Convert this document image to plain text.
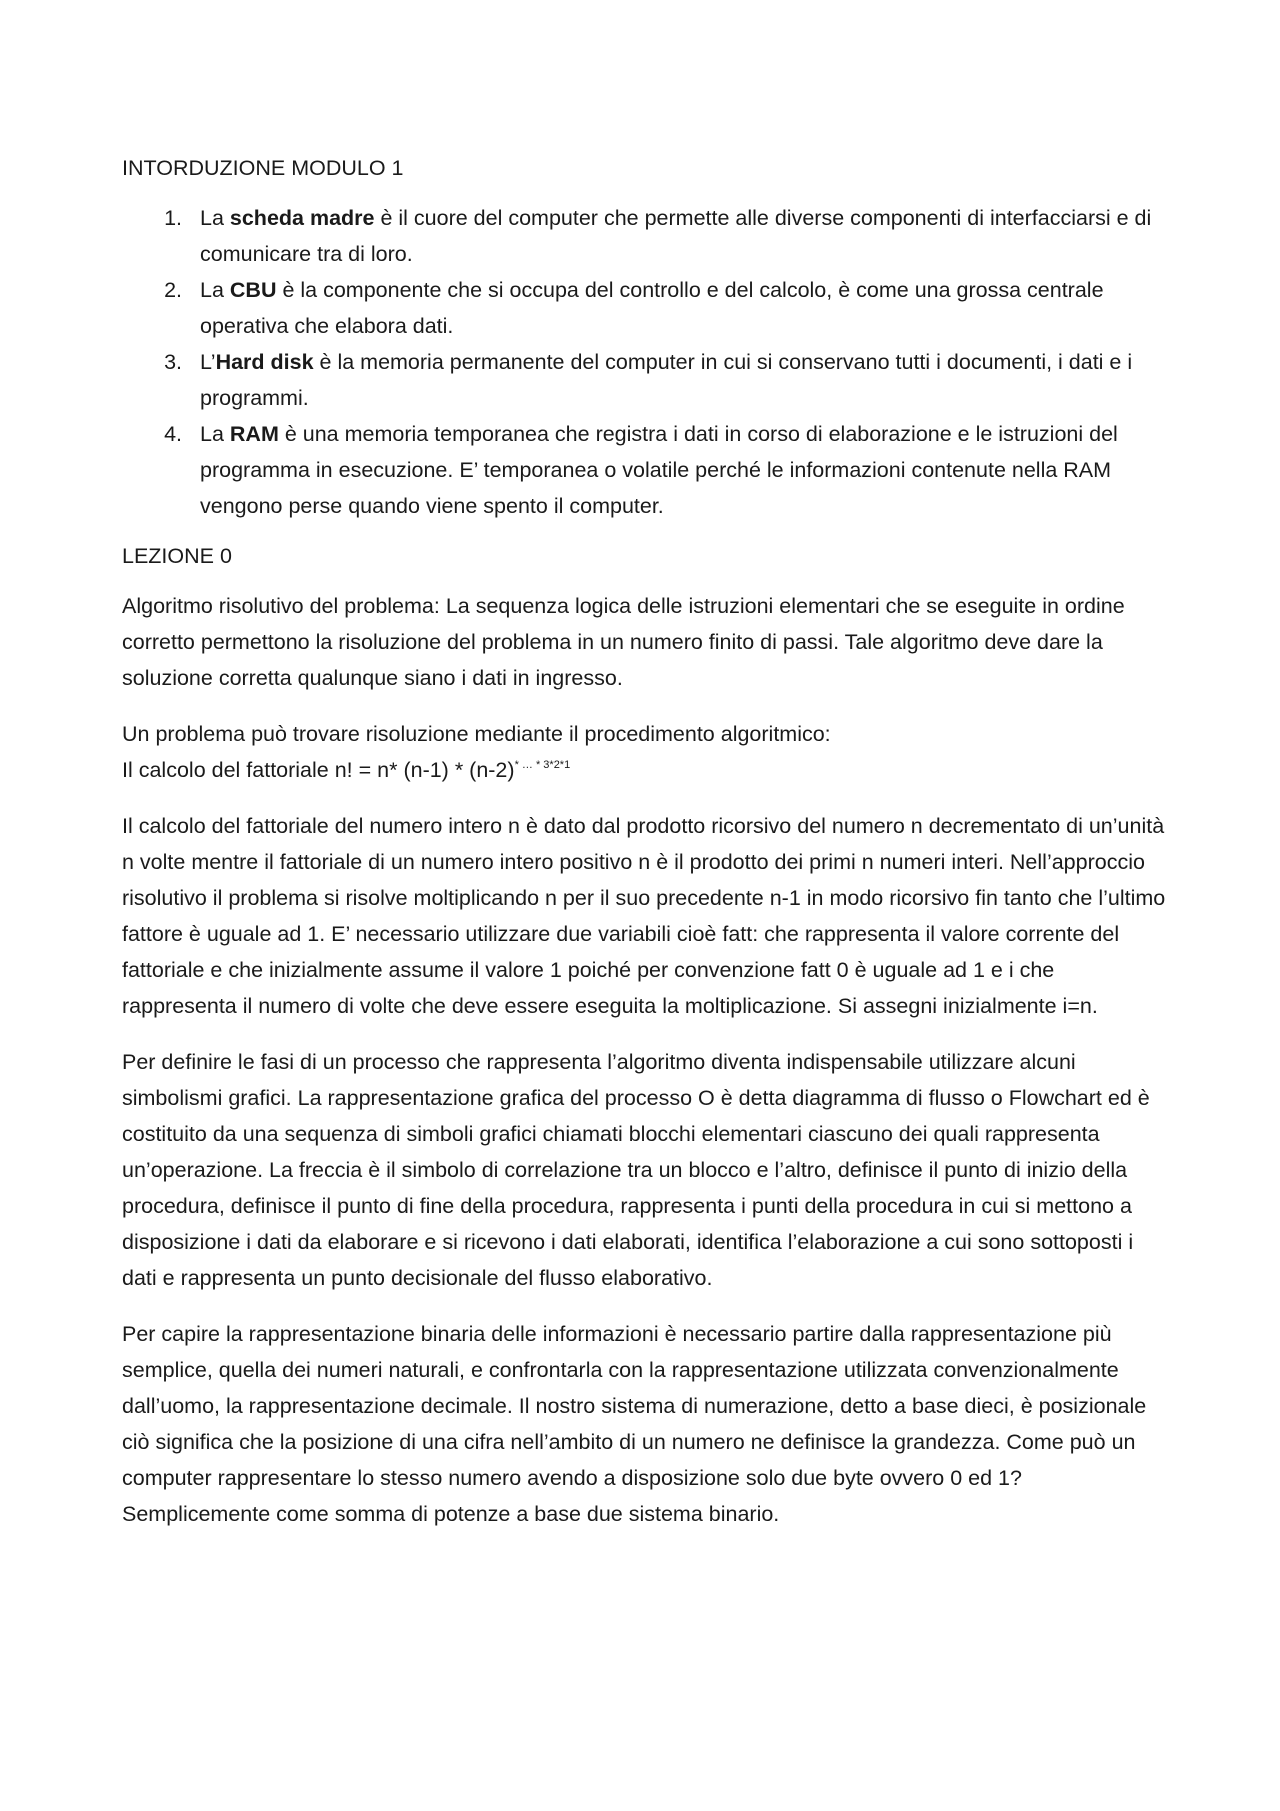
INTORDUZIONE MODULO 1

1. La scheda madre è il cuore del computer che permette alle diverse componenti di interfacciarsi e di comunicare tra di loro.
2. La CBU è la componente che si occupa del controllo e del calcolo, è come una grossa centrale operativa che elabora dati.
3. L’Hard disk è la memoria permanente del computer in cui si conservano tutti i documenti, i dati e i programmi.
4. La RAM è una memoria temporanea che registra i dati in corso di elaborazione e le istruzioni del programma in esecuzione. E’ temporanea o volatile perché le informazioni contenute nella RAM vengono perse quando viene spento il computer.

LEZIONE 0

Algoritmo risolutivo del problema: La sequenza logica delle istruzioni elementari che se eseguite in ordine corretto permettono la risoluzione del problema in un numero finito di passi. Tale algoritmo deve dare la soluzione corretta qualunque siano i dati in ingresso.

Un problema può trovare risoluzione mediante il procedimento algoritmico:
Il calcolo del fattoriale n! = n* $(n-1) * (n-2)^{* \dots * 3*2*1}$

Il calcolo del fattoriale del numero intero n è dato dal prodotto ricorsivo del numero n decrementato di un’unità n volte mentre il fattoriale di un numero intero positivo n è il prodotto dei primi n numeri interi. Nell’approccio risolutivo il problema si risolve moltiplicando n per il suo precedente n-1 in modo ricorsivo fin tanto che l’ultimo fattore è uguale ad 1. E’ necessario utilizzare due variabili cioè fatt: che rappresenta il valore corrente del fattoriale e che inizialmente assume il valore 1 poiché per convenzione fatt 0 è uguale ad 1 e i che rappresenta il numero di volte che deve essere eseguita la moltiplicazione. Si assegni inizialmente i=n.

Per definire le fasi di un processo che rappresenta l’algoritmo diventa indispensabile utilizzare alcuni simbolismi grafici. La rappresentazione grafica del processo O è detta diagramma di flusso o Flowchart ed è costituito da una sequenza di simboli grafici chiamati blocchi elementari ciascuno dei quali rappresenta un’operazione. La freccia è il simbolo di correlazione tra un blocco e l’altro, definisce il punto di inizio della procedura, definisce il punto di fine della procedura, rappresenta i punti della procedura in cui si mettono a disposizione i dati da elaborare e si ricevono i dati elaborati, identifica l’elaborazione a cui sono sottoposti i dati e rappresenta un punto decisionale del flusso elaborativo.

Per capire la rappresentazione binaria delle informazioni è necessario partire dalla rappresentazione più semplice, quella dei numeri naturali, e confrontarla con la rappresentazione utilizzata convenzionalmente dall’uomo, la rappresentazione decimale. Il nostro sistema di numerazione, detto a base dieci, è posizionale ciò significa che la posizione di una cifra nell’ambito di un numero ne definisce la grandezza. Come può un computer rappresentare lo stesso numero avendo a disposizione solo due byte ovvero 0 ed 1? Semplicemente come somma di potenze a base due sistema binario.
